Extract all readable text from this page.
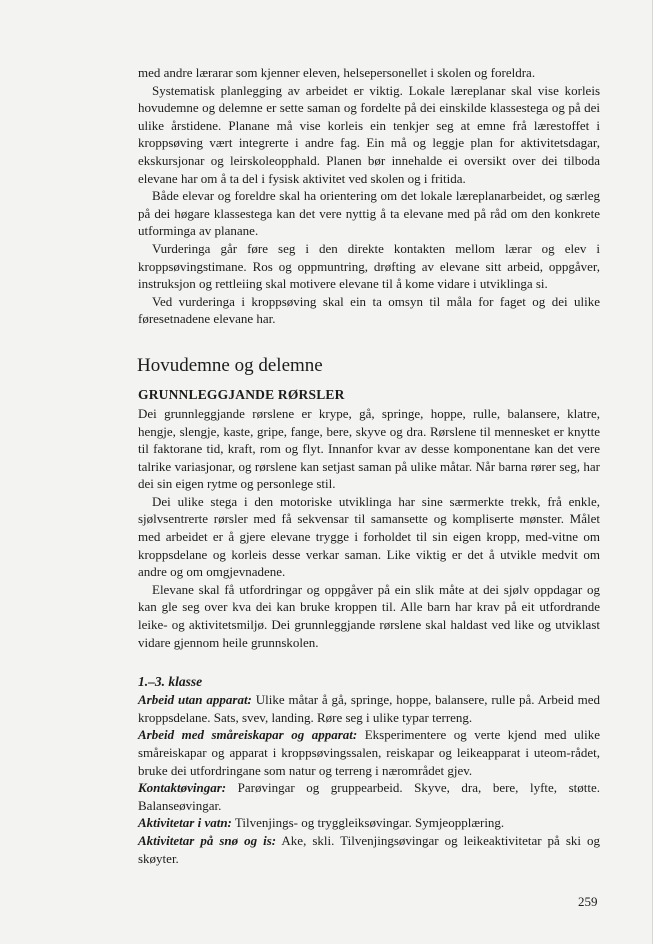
med andre lærarar som kjenner eleven, helsepersonellet i skolen og foreldra.

Systematisk planlegging av arbeidet er viktig. Lokale læreplanar skal vise korleis hovudemne og delemne er sette saman og fordelte på dei einskilde klassestega og på dei ulike årstidene. Planane må vise korleis ein tenkjer seg at emne frå lærestoffet i kroppsøving vært integrerte i andre fag. Ein må og leggje plan for aktivitetsdagar, ekskursjonar og leirskoleopphald. Planen bør innehalde ei oversikt over dei tilboda elevane har om å ta del i fysisk aktivitet ved skolen og i fritida.

Både elevar og foreldre skal ha orientering om det lokale læreplanarbeidet, og særleg på dei høgare klassestega kan det vere nyttig å ta elevane med på råd om den konkrete utforminga av planane.

Vurderinga går føre seg i den direkte kontakten mellom lærar og elev i kroppsøvingstimane. Ros og oppmuntring, drøfting av elevane sitt arbeid, oppgåver, instruksjon og rettleiing skal motivere elevane til å kome vidare i utviklinga si.

Ved vurderinga i kroppsøving skal ein ta omsyn til måla for faget og dei ulike føresetnadene elevane har.

Hovudemne og delemne
GRUNNLEGGJANDE RØRSLER

Dei grunnleggjande rørslene er krype, gå, springe, hoppe, rulle, balansere, klatre, hengje, slengje, kaste, gripe, fange, bere, skyve og dra. Rørslene til mennesket er knytte til faktorane tid, kraft, rom og flyt. Innanfor kvar av desse komponentane kan det vere talrike variasjonar, og rørslene kan setjast saman på ulike måtar. Når barna rører seg, har dei sin eigen rytme og personlege stil.

Dei ulike stega i den motoriske utviklinga har sine særmerkte trekk, frå enkle, sjølvsentrerte rørsler med få sekvensar til samansette og kompliserte mønster. Målet med arbeidet er å gjere elevane trygge i forholdet til sin eigen kropp, med-vitne om kroppsdelane og korleis desse verkar saman. Like viktig er det å utvikle medvit om andre og om omgjevnadene.

Elevane skal få utfordringar og oppgåver på ein slik måte at dei sjølv oppdagar og kan gle seg over kva dei kan bruke kroppen til. Alle barn har krav på eit utfordrande leike- og aktivitetsmiljø. Dei grunnleggjande rørslene skal haldast ved like og utviklast vidare gjennom heile grunnskolen.

1.–3. klasse

Arbeid utan apparat: Ulike måtar å gå, springe, hoppe, balansere, rulle på. Arbeid med kroppsdelane. Sats, svev, landing. Røre seg i ulike typar terreng.

Arbeid med småreiskapar og apparat: Eksperimentere og verte kjend med ulike småreiskapar og apparat i kroppsøvingssalen, reiskapar og leikeapparat i uteom-rådet, bruke dei utfordringane som natur og terreng i nærområdet gjev.

Kontaktøvingar: Parøvingar og gruppearbeid. Skyve, dra, bere, lyfte, støtte. Balanseøvingar.

Aktivitetar i vatn: Tilvenjings- og tryggleiksøvingar. Symjeopplæring.

Aktivitetar på snø og is: Ake, skli. Tilvenjingsøvingar og leikeaktivitetar på ski og skøyter.

259
